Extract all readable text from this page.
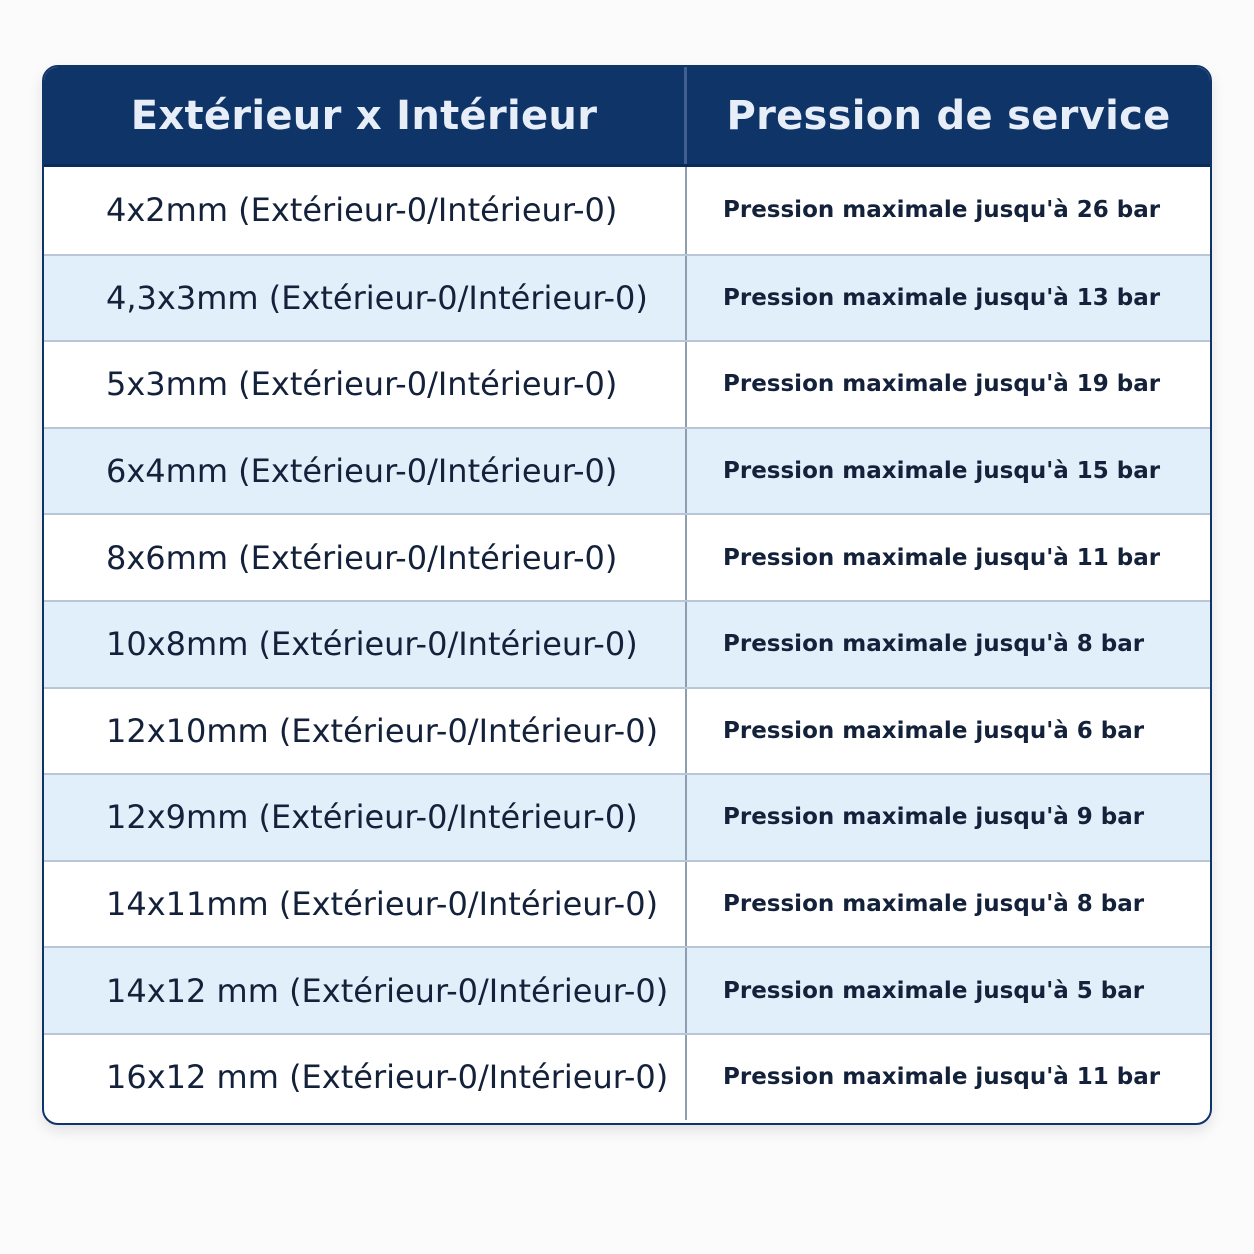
Extérieur x Intérieur	Pression de service
4x2mm (Extérieur-0/Intérieur-0)	Pression maximale jusqu'à 26 bar
4,3x3mm (Extérieur-0/Intérieur-0)	Pression maximale jusqu'à 13 bar
5x3mm (Extérieur-0/Intérieur-0)	Pression maximale jusqu'à 19 bar
6x4mm (Extérieur-0/Intérieur-0)	Pression maximale jusqu'à 15 bar
8x6mm (Extérieur-0/Intérieur-0)	Pression maximale jusqu'à 11 bar
10x8mm (Extérieur-0/Intérieur-0)	Pression maximale jusqu'à 8 bar
12x10mm (Extérieur-0/Intérieur-0)	Pression maximale jusqu'à 6 bar
12x9mm (Extérieur-0/Intérieur-0)	Pression maximale jusqu'à 9 bar
14x11mm (Extérieur-0/Intérieur-0)	Pression maximale jusqu'à 8 bar
14x12 mm (Extérieur-0/Intérieur-0)	Pression maximale jusqu'à 5 bar
16x12 mm (Extérieur-0/Intérieur-0)	Pression maximale jusqu'à 11 bar
